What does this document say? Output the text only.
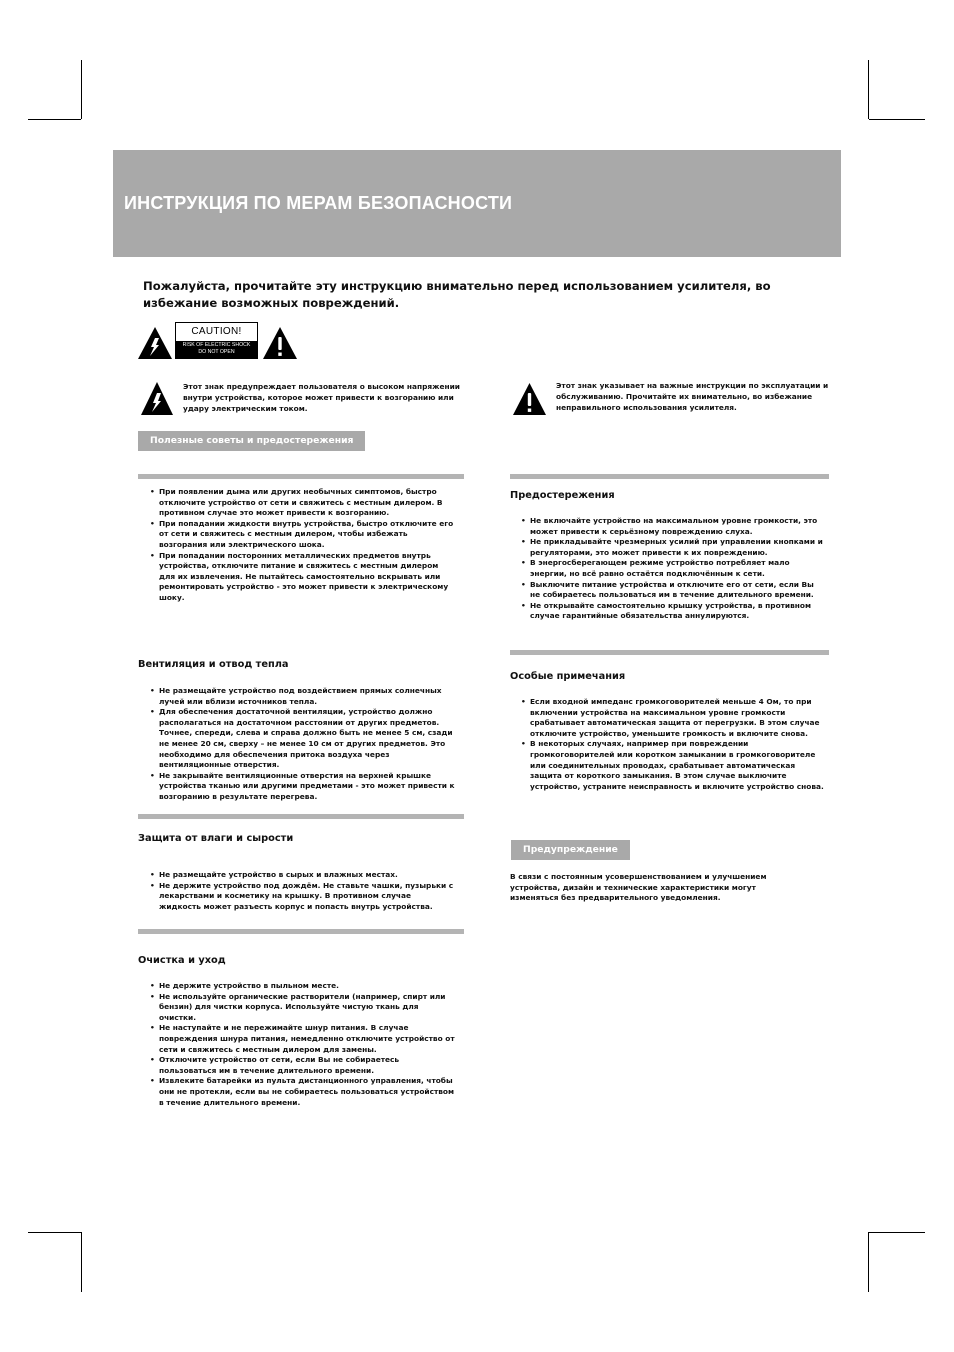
ИНСТРУКЦИЯ ПО МЕРАМ БЕЗОПАСНОСТИ

Пожалуйста, прочитайте эту инструкцию внимательно перед использованием усилителя, во избежание возможных повреждений.

CAUTION!
RISK OF ELECTRIC SHOCK
DO NOT OPEN

Этот знак предупреждает пользователя о высоком напряжении внутри устройства, которое может привести к возгоранию или удару электрическим током.

Этот знак указывает на важные инструкции по эксплуатации и обслуживанию. Прочитайте их внимательно, во избежание неправильного использования усилителя.

Полезные советы и предостережения

• При появлении дыма или других необычных симптомов, быстро отключите устройство от сети и свяжитесь с местным дилером. В противном случае это может привести к возгоранию.
• При попадании жидкости внутрь устройства, быстро отключите его от сети и свяжитесь с местным дилером, чтобы избежать возгорания или электрического шока.
• При попадании посторонних металлических предметов внутрь устройства, отключите питание и свяжитесь с местным дилером для их извлечения. Не пытайтесь самостоятельно вскрывать или ремонтировать устройство - это может привести к электрическому шоку.
Вентиляция и отвод тепла
• Не размещайте устройство под воздействием прямых солнечных лучей или вблизи источников тепла.
• Для обеспечения достаточной вентиляции, устройство должно располагаться на достаточном расстоянии от других предметов. Точнее, спереди, слева и справа должно быть не менее 5 см, сзади не менее 20 см, сверху – не менее 10 см от других предметов. Это необходимо для обеспечения притока воздуха через вентиляционные отверстия.
• Не закрывайте вентиляционные отверстия на верхней крышке устройства тканью или другими предметами - это может привести к возгоранию в результате перегрева.
Защита от влаги и сырости
• Не размещайте устройство в сырых и влажных местах.
• Не держите устройство под дождём. Не ставьте чашки, пузырьки с лекарствами и косметику на крышку. В противном случае жидкость может разъесть корпус и попасть внутрь устройства.
Очистка и уход
• Не держите устройство в пыльном месте.
• Не используйте органические растворители (например, спирт или бензин) для чистки корпуса. Используйте чистую ткань для очистки.
• Не наступайте и не пережимайте шнур питания. В случае повреждения шнура питания, немедленно отключите устройство от сети и свяжитесь с местным дилером для замены.
• Отключите устройство от сети, если Вы не собираетесь пользоваться им в течение длительного времени.
• Извлеките батарейки из пульта дистанционного управления, чтобы они не протекли, если вы не собираетесь пользоваться устройством в течение длительного времени.
Предостережения
• Не включайте устройство на максимальном уровне громкости, это может привести к серьёзному повреждению слуха.
• Не прикладывайте чрезмерных усилий при управлении кнопками и регуляторами, это может привести к их повреждению.
• В энергосберегающем режиме устройство потребляет мало энергии, но всё равно остаётся подключённым к сети.
• Выключите питание устройства и отключите его от сети, если Вы не собираетесь пользоваться им в течение длительного времени.
• Не открывайте самостоятельно крышку устройства, в противном случае гарантийные обязательства аннулируются.
Особые примечания
• Если входной импеданс громкоговорителей меньше 4 Ом, то при включении устройства на максимальном уровне громкости срабатывает автоматическая защита от перегрузки. В этом случае отключите устройство, уменьшите громкость и включите снова.
• В некоторых случаях, например при повреждении громкоговорителей или коротком замыкании в громкоговорителе или соединительных проводах, срабатывает автоматическая защита от короткого замыкания. В этом случае выключите устройство, устраните неисправность и включите устройство снова.

Предупреждение

В связи с постоянным усовершенствованием и улучшением устройства, дизайн и технические характеристики могут изменяться без предварительного уведомления.
